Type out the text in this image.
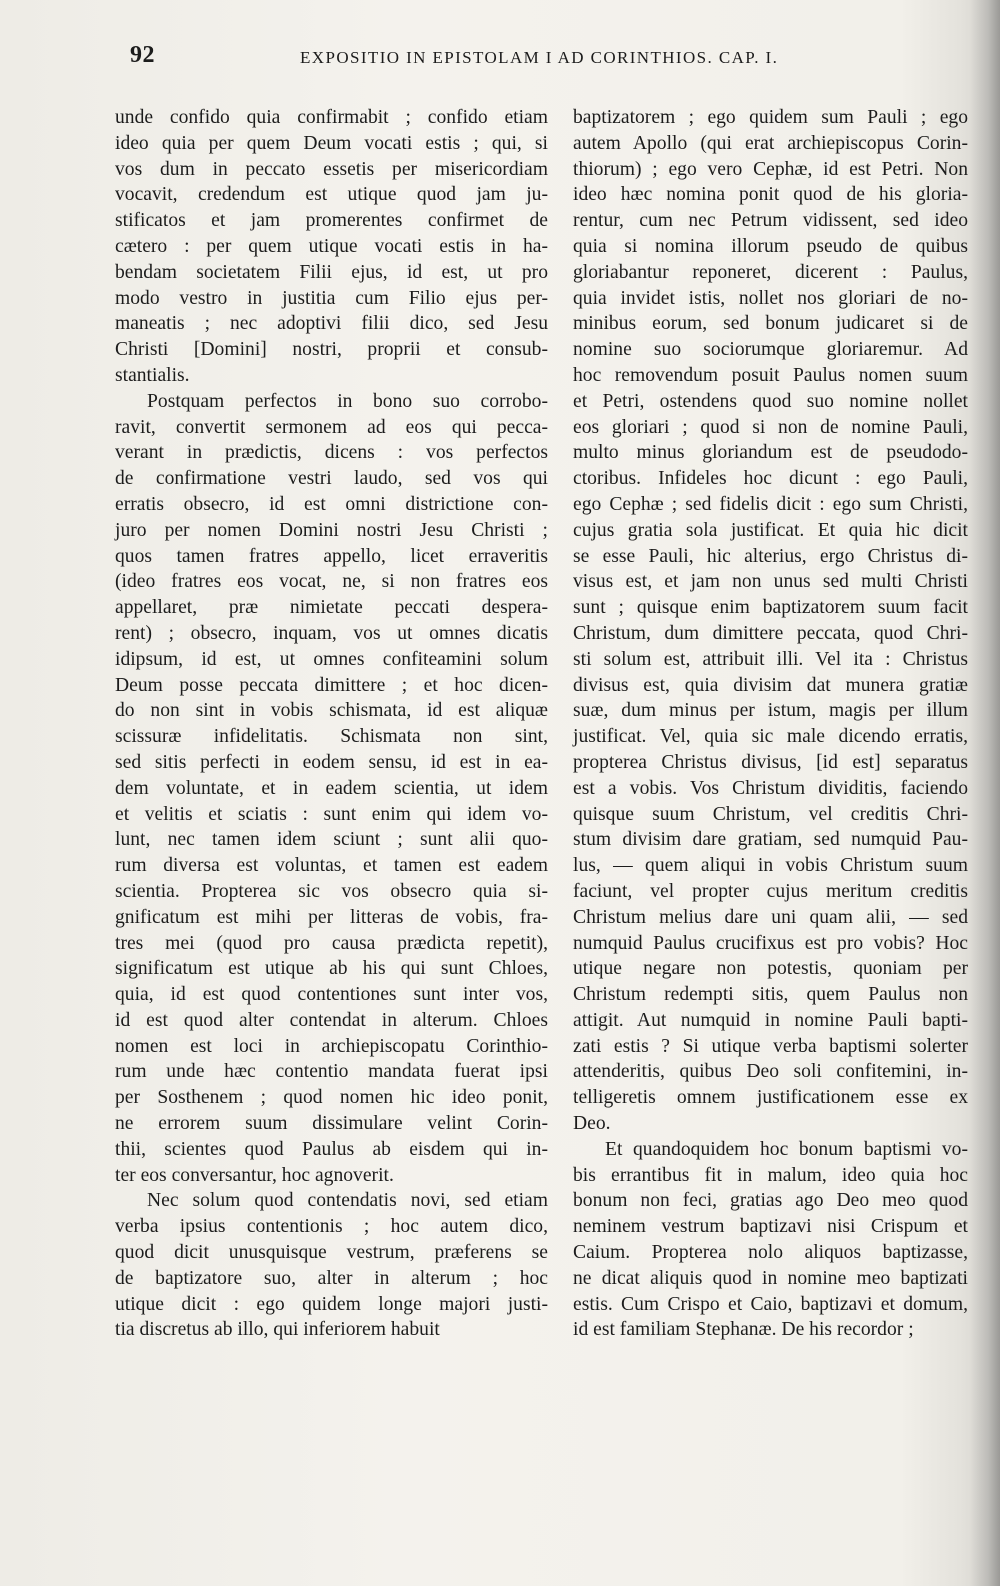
92	EXPOSITIO IN EPISTOLAM I AD CORINTHIOS. CAP. I.
unde confido quia confirmabit ; confido etiam
ideo quia per quem Deum vocati estis ; qui, si
vos dum in peccato essetis per misericordiam
vocavit, credendum est utique quod jam ju-
stificatos et jam promerentes confirmet de
cætero : per quem utique vocati estis in ha-
bendam societatem Filii ejus, id est, ut pro
modo vestro in justitia cum Filio ejus per-
maneatis ; nec adoptivi filii dico, sed Jesu
Christi [Domini] nostri, proprii et consub-
stantialis.
Postquam perfectos in bono suo corrobo-
ravit, convertit sermonem ad eos qui pecca-
verant in prædictis, dicens : vos perfectos
de confirmatione vestri laudo, sed vos qui
erratis obsecro, id est omni districtione con-
juro per nomen Domini nostri Jesu Christi ;
quos tamen fratres appello, licet erraveritis
(ideo fratres eos vocat, ne, si non fratres eos
appellaret, præ nimietate peccati despera-
rent) ; obsecro, inquam, vos ut omnes dicatis
idipsum, id est, ut omnes confiteamini solum
Deum posse peccata dimittere ; et hoc dicen-
do non sint in vobis schismata, id est aliquæ
scissuræ infidelitatis. Schismata non sint,
sed sitis perfecti in eodem sensu, id est in ea-
dem voluntate, et in eadem scientia, ut idem
et velitis et sciatis : sunt enim qui idem vo-
lunt, nec tamen idem sciunt ; sunt alii quo-
rum diversa est voluntas, et tamen est eadem
scientia. Propterea sic vos obsecro quia si-
gnificatum est mihi per litteras de vobis, fra-
tres mei (quod pro causa prædicta repetit),
significatum est utique ab his qui sunt Chloes,
quia, id est quod contentiones sunt inter vos,
id est quod alter contendat in alterum. Chloes
nomen est loci in archiepiscopatu Corinthio-
rum unde hæc contentio mandata fuerat ipsi
per Sosthenem ; quod nomen hic ideo ponit,
ne errorem suum dissimulare velint Corin-
thii, scientes quod Paulus ab eisdem qui in-
ter eos conversantur, hoc agnoverit.
Nec solum quod contendatis novi, sed etiam
verba ipsius contentionis ; hoc autem dico,
quod dicit unusquisque vestrum, præferens se
de baptizatore suo, alter in alterum ; hoc
utique dicit : ego quidem longe majori justi-
tia discretus ab illo, qui inferiorem habuit
baptizatorem ; ego quidem sum Pauli ; ego
autem Apollo (qui erat archiepiscopus Corin-
thiorum) ; ego vero Cephæ, id est Petri. Non
ideo hæc nomina ponit quod de his gloria-
rentur, cum nec Petrum vidissent, sed ideo
quia si nomina illorum pseudo de quibus
gloriabantur reponeret, dicerent : Paulus,
quia invidet istis, nollet nos gloriari de no-
minibus eorum, sed bonum judicaret si de
nomine suo sociorumque gloriaremur. Ad
hoc removendum posuit Paulus nomen suum
et Petri, ostendens quod suo nomine nollet
eos gloriari ; quod si non de nomine Pauli,
multo minus gloriandum est de pseudodo-
ctoribus. Infideles hoc dicunt : ego Pauli,
ego Cephæ ; sed fidelis dicit : ego sum Christi,
cujus gratia sola justificat. Et quia hic dicit
se esse Pauli, hic alterius, ergo Christus di-
visus est, et jam non unus sed multi Christi
sunt ; quisque enim baptizatorem suum facit
Christum, dum dimittere peccata, quod Chri-
sti solum est, attribuit illi. Vel ita : Christus
divisus est, quia divisim dat munera gratiæ
suæ, dum minus per istum, magis per illum
justificat. Vel, quia sic male dicendo erratis,
propterea Christus divisus, [id est] separatus
est a vobis. Vos Christum dividitis, faciendo
quisque suum Christum, vel creditis Chri-
stum divisim dare gratiam, sed numquid Pau-
lus, — quem aliqui in vobis Christum suum
faciunt, vel propter cujus meritum creditis
Christum melius dare uni quam alii, — sed
numquid Paulus crucifixus est pro vobis? Hoc
utique negare non potestis, quoniam per
Christum redempti sitis, quem Paulus non
attigit. Aut numquid in nomine Pauli bapti-
zati estis ? Si utique verba baptismi solerter
attenderitis, quibus Deo soli confitemini, in-
telligeretis omnem justificationem esse ex
Deo.
Et quandoquidem hoc bonum baptismi vo-
bis errantibus fit in malum, ideo quia hoc
bonum non feci, gratias ago Deo meo quod
neminem vestrum baptizavi nisi Crispum et
Caium. Propterea nolo aliquos baptizasse,
ne dicat aliquis quod in nomine meo baptizati
estis. Cum Crispo et Caio, baptizavi et domum,
id est familiam Stephanæ. De his recordor ;
